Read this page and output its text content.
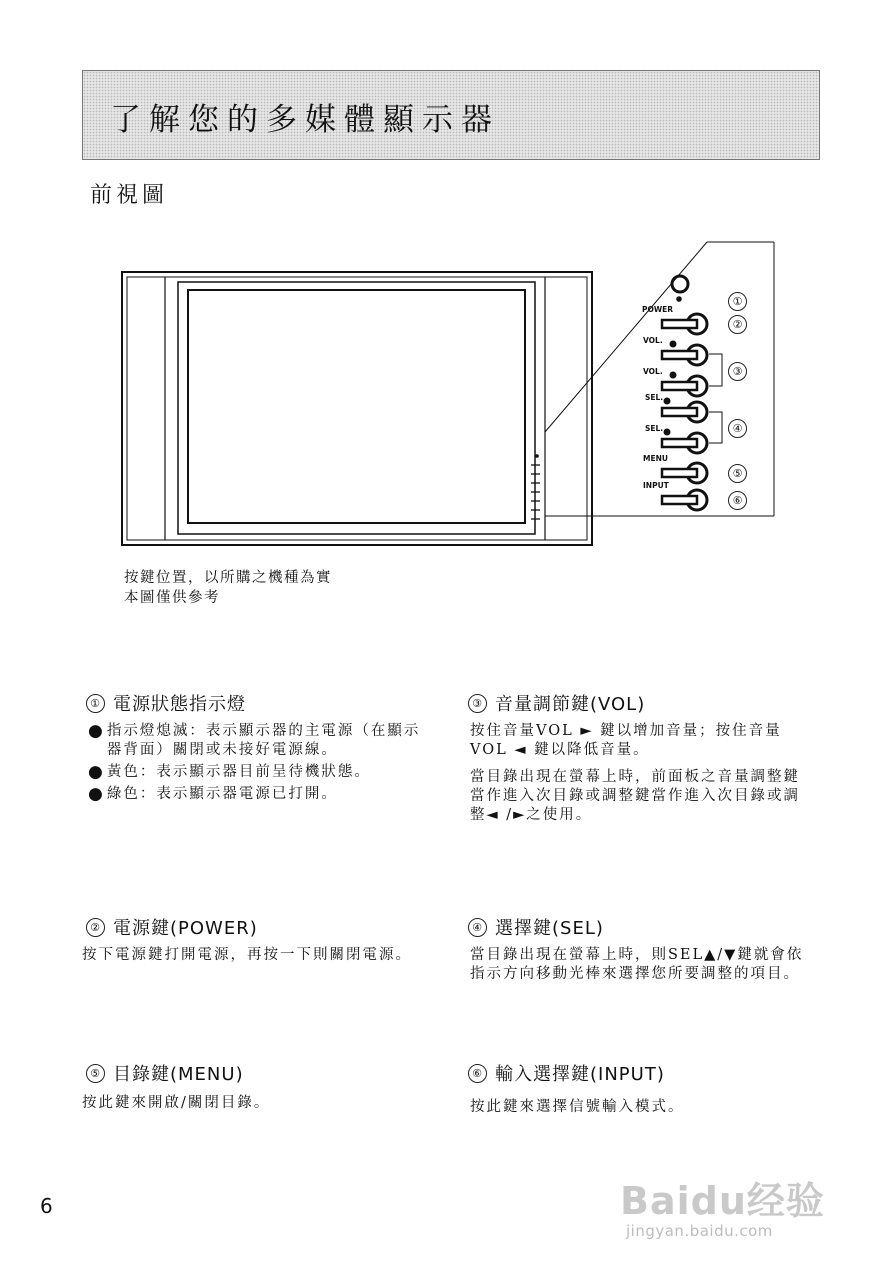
了解您的多媒體顯示器
前視圖
POWER
②
VOL.
③
VOL.
SEL.
④
SEL.
MENU
⑤
INPUT
⑥
①
按鍵位置，以所購之機種為實
本圖僅供參考
① 電源狀態指示燈
● 指示燈熄滅：表示顯示器的主電源（在顯示器背面）關閉或未接好電源線。
● 黃色：表示顯示器目前呈待機狀態。
● 綠色：表示顯示器電源已打開。
③ 音量調節鍵(VOL)
按住音量VOL ► 鍵以增加音量；按住音量VOL ◄ 鍵以降低音量。
當目錄出現在螢幕上時，前面板之音量調整鍵當作進入次目錄或調整鍵當作進入次目錄或調整◄ /►之使用。
② 電源鍵(POWER)
按下電源鍵打開電源，再按一下則關閉電源。
④ 選擇鍵(SEL)
當目錄出現在螢幕上時，則SEL▲/▼鍵就會依指示方向移動光棒來選擇您所要調整的項目。
⑤ 目錄鍵(MENU)
按此鍵來開啟/關閉目錄。
⑥ 輸入選擇鍵(INPUT)
按此鍵來選擇信號輸入模式。
6	Baidu经验
jingyan.baidu.com
